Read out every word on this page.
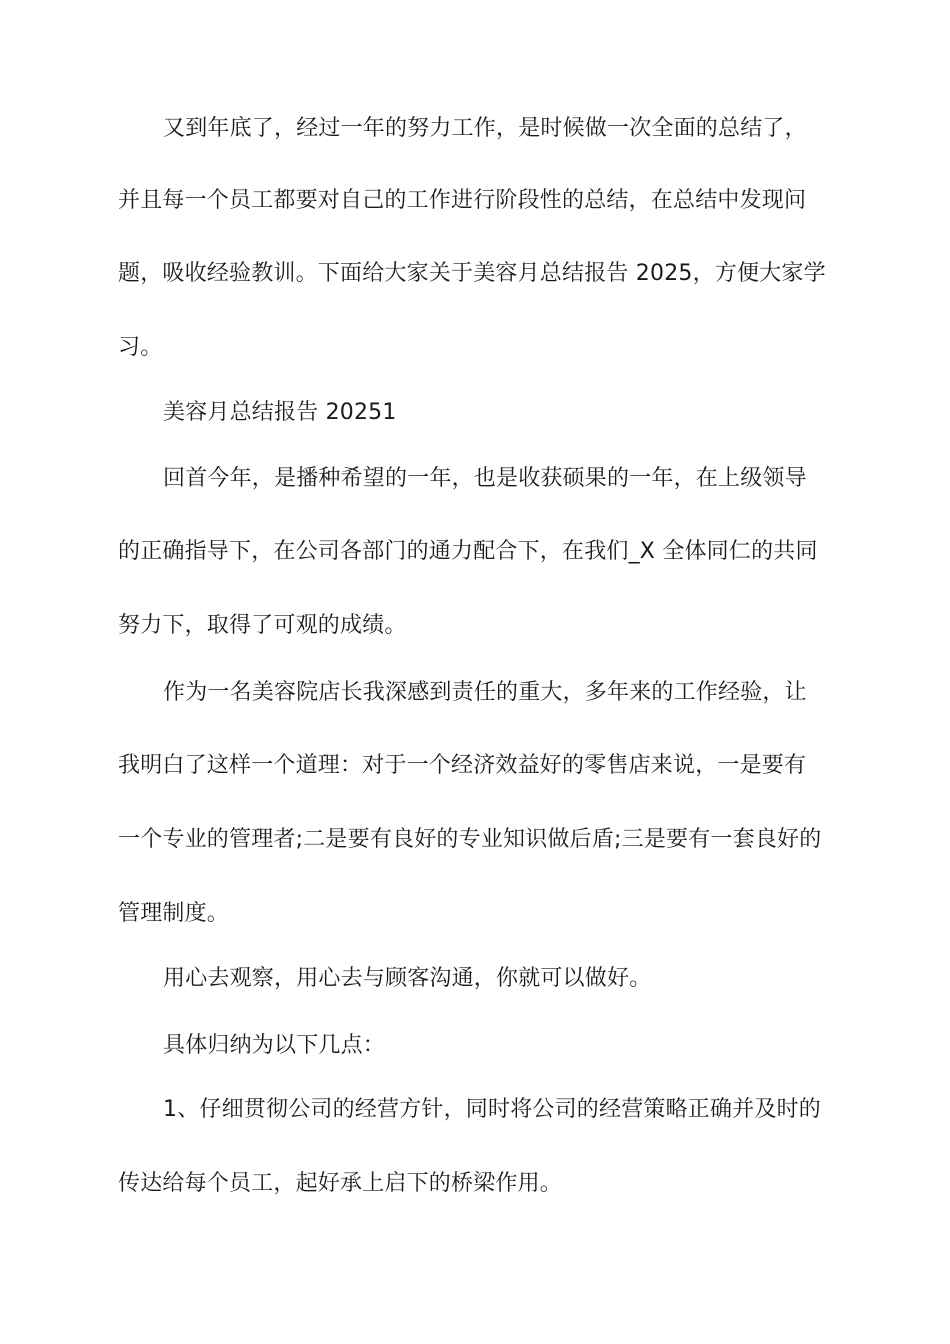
又到年底了，经过一年的努力工作，是时候做一次全面的总结了，
并且每一个员工都要对自己的工作进行阶段性的总结，在总结中发现问
题，吸收经验教训。下面给大家关于美容月总结报告 2025，方便大家学
习。
美容月总结报告 20251
回首今年，是播种希望的一年，也是收获硕果的一年，在上级领导
的正确指导下，在公司各部门的通力配合下，在我们_X 全体同仁的共同
努力下，取得了可观的成绩。
作为一名美容院店长我深感到责任的重大，多年来的工作经验，让
我明白了这样一个道理：对于一个经济效益好的零售店来说，一是要有
一个专业的管理者;二是要有良好的专业知识做后盾;三是要有一套良好的
管理制度。
用心去观察，用心去与顾客沟通，你就可以做好。
具体归纳为以下几点：
1、仔细贯彻公司的经营方针，同时将公司的经营策略正确并及时的
传达给每个员工，起好承上启下的桥梁作用。
